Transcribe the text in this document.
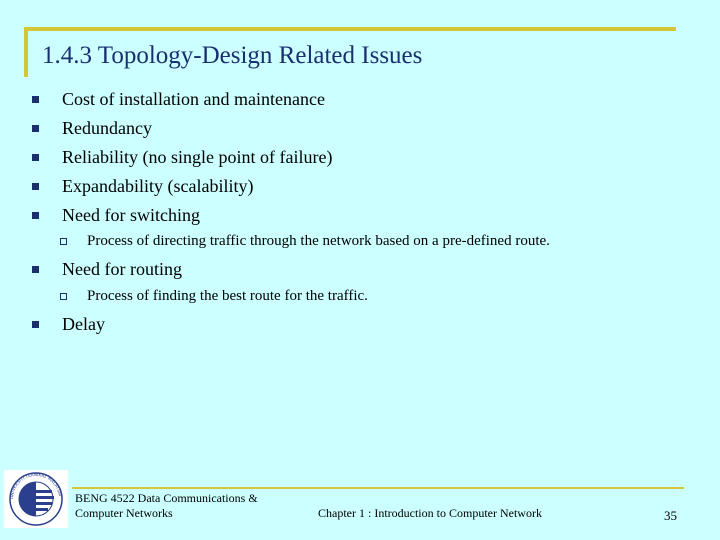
1.4.3 Topology-Design Related Issues
Cost of installation and maintenance
Redundancy
Reliability (no single point of failure)
Expandability (scalability)
Need for switching
Process of directing traffic through the network based on a pre-defined route.
Need for routing
Process of finding the best route for the traffic.
Delay
UNIVERSITI TEKNIKAL MALAYSIA BENG 4522 Data Communications &
Computer Networks	Chapter 1 : Introduction to Computer Network	35
